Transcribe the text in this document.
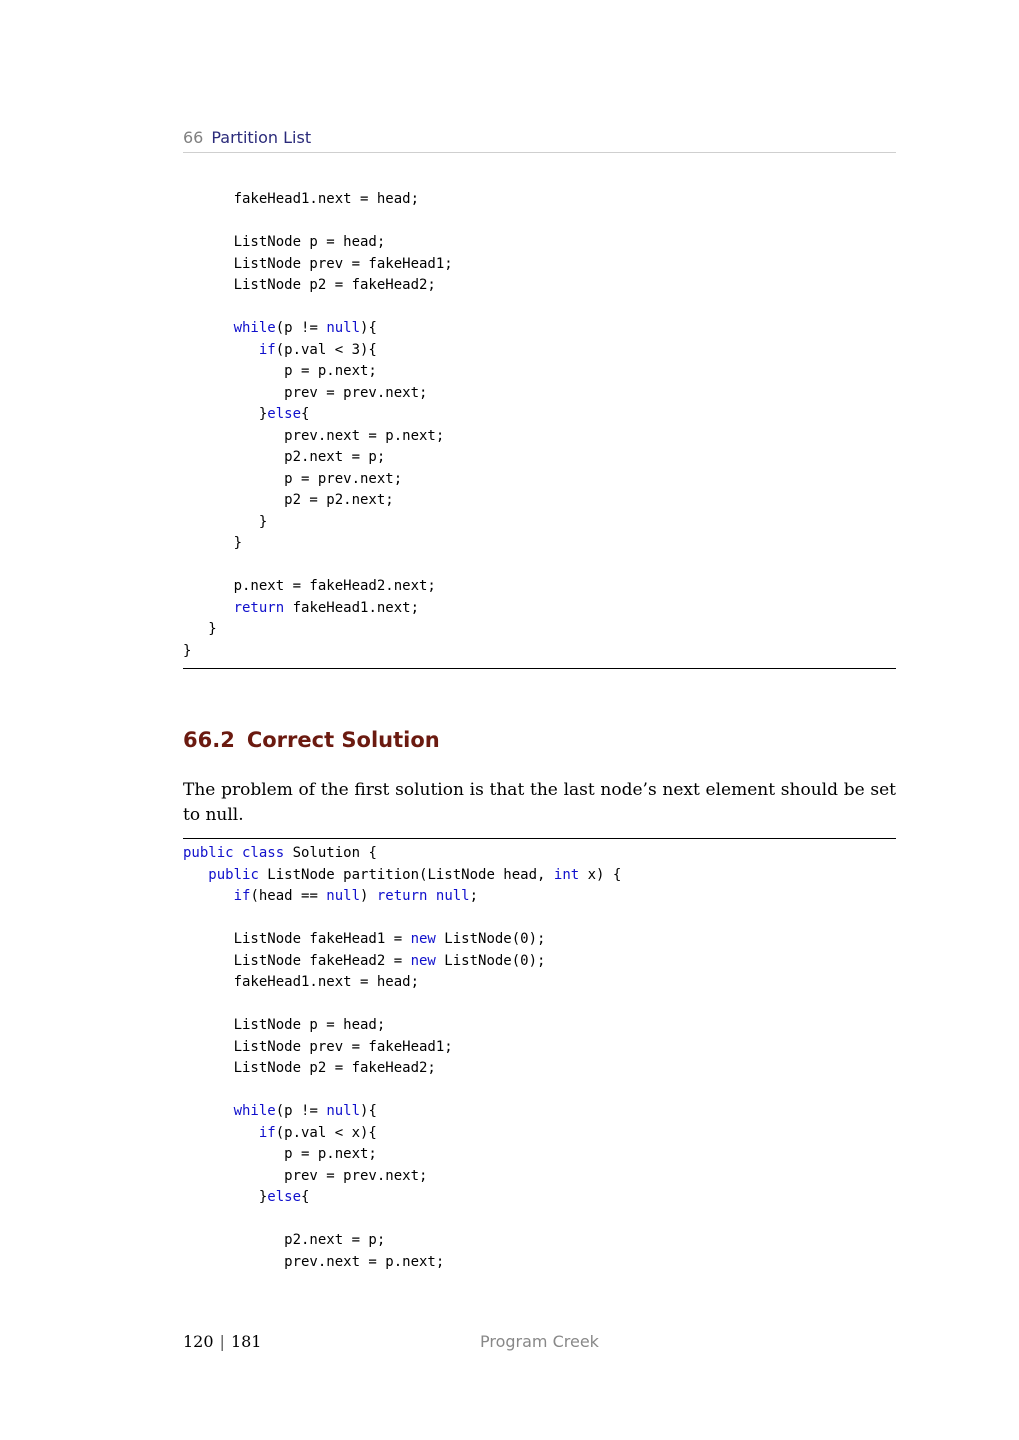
66 Partition List
fakeHead1.next = head;

ListNode p = head;
ListNode prev = fakeHead1;
ListNode p2 = fakeHead2;

while(p != null){
if(p.val < 3){
p = p.next;
prev = prev.next;
}else{
prev.next = p.next;
p2.next = p;
p = prev.next;
p2 = p2.next;
}
}

p.next = fakeHead2.next;
return fakeHead1.next;
}
}
66.2 Correct Solution

The problem of the first solution is that the last node’s next element should be set to null.

public class Solution {
public ListNode partition(ListNode head, int x) {
if(head == null) return null;

ListNode fakeHead1 = new ListNode(0);
ListNode fakeHead2 = new ListNode(0);
fakeHead1.next = head;

ListNode p = head;
ListNode prev = fakeHead1;
ListNode p2 = fakeHead2;

while(p != null){
if(p.val < x){
p = p.next;
prev = prev.next;
}else{

p2.next = p;
prev.next = p.next;
120 | 181	Program Creek
